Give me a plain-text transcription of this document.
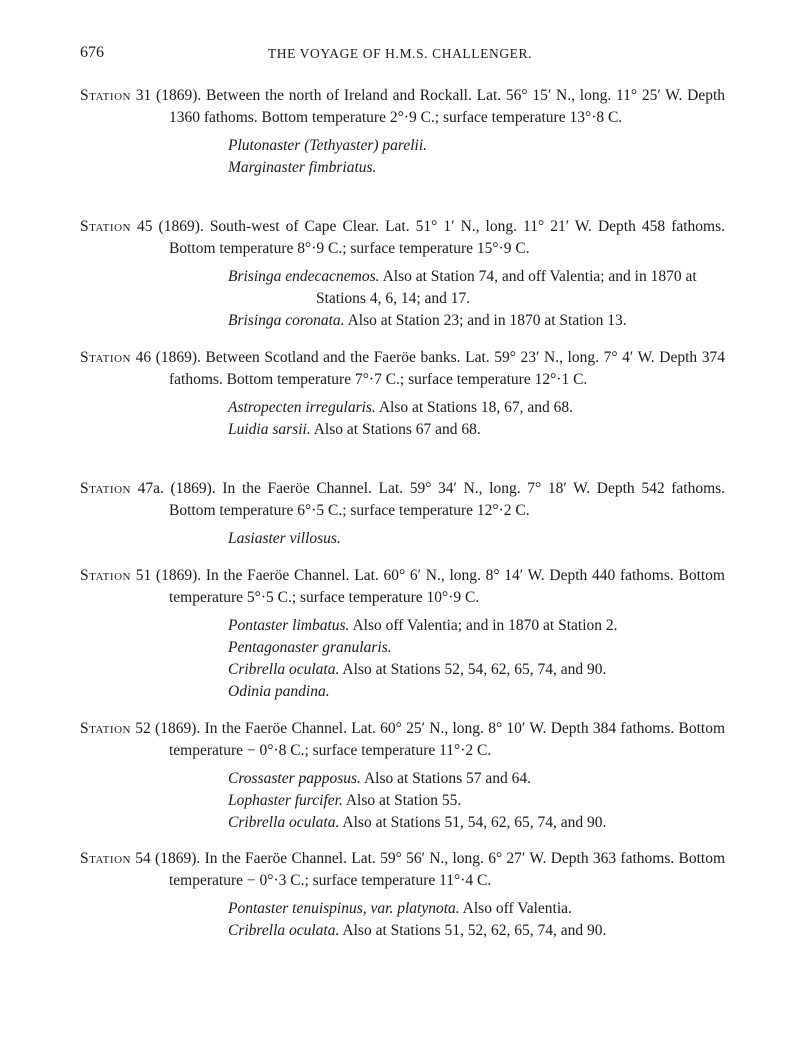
676	THE VOYAGE OF H.M.S. CHALLENGER.
Station 31 (1869). Between the north of Ireland and Rockall. Lat. 56° 15′ N., long. 11° 25′ W. Depth 1360 fathoms. Bottom temperature 2°·9 C.; surface temperature 13°·8 C.
Plutonaster (Tethyaster) parelii.
Marginaster fimbriatus.
Station 45 (1869). South-west of Cape Clear. Lat. 51° 1′ N., long. 11° 21′ W. Depth 458 fathoms. Bottom temperature 8°·9 C.; surface temperature 15°·9 C.
Brisinga endecacnemos. Also at Station 74, and off Valentia; and in 1870 at Stations 4, 6, 14; and 17.
Brisinga coronata. Also at Station 23; and in 1870 at Station 13.
Station 46 (1869). Between Scotland and the Faeröe banks. Lat. 59° 23′ N., long. 7° 4′ W. Depth 374 fathoms. Bottom temperature 7°·7 C.; surface temperature 12°·1 C.
Astropecten irregularis. Also at Stations 18, 67, and 68.
Luidia sarsii. Also at Stations 67 and 68.
Station 47a. (1869). In the Faeröe Channel. Lat. 59° 34′ N., long. 7° 18′ W. Depth 542 fathoms. Bottom temperature 6°·5 C.; surface temperature 12°·2 C.
Lasiaster villosus.
Station 51 (1869). In the Faeröe Channel. Lat. 60° 6′ N., long. 8° 14′ W. Depth 440 fathoms. Bottom temperature 5°·5 C.; surface temperature 10°·9 C.
Pontaster limbatus. Also off Valentia; and in 1870 at Station 2.
Pentagonaster granularis.
Cribrella oculata. Also at Stations 52, 54, 62, 65, 74, and 90.
Odinia pandina.
Station 52 (1869). In the Faeröe Channel. Lat. 60° 25′ N., long. 8° 10′ W. Depth 384 fathoms. Bottom temperature − 0°·8 C.; surface temperature 11°·2 C.
Crossaster papposus. Also at Stations 57 and 64.
Lophaster furcifer. Also at Station 55.
Cribrella oculata. Also at Stations 51, 54, 62, 65, 74, and 90.
Station 54 (1869). In the Faeröe Channel. Lat. 59° 56′ N., long. 6° 27′ W. Depth 363 fathoms. Bottom temperature − 0°·3 C.; surface temperature 11°·4 C.
Pontaster tenuispinus, var. platynota. Also off Valentia.
Cribrella oculata. Also at Stations 51, 52, 62, 65, 74, and 90.
